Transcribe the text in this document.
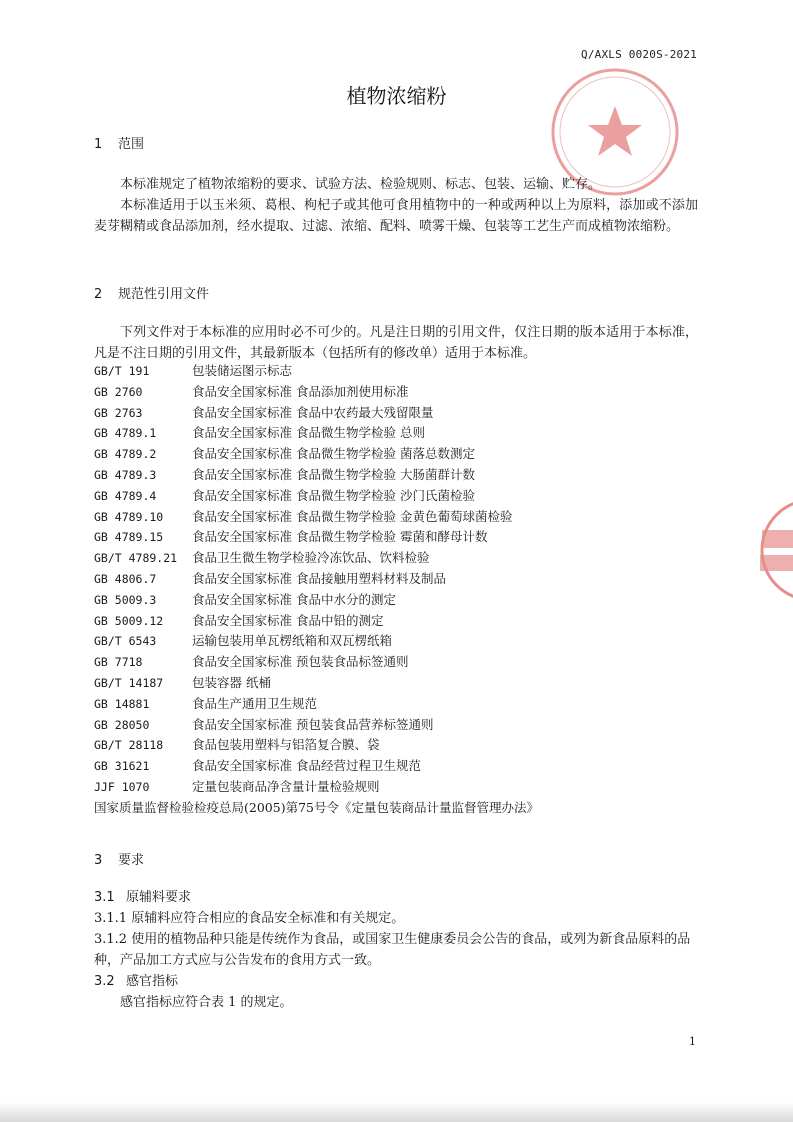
Q/AXLS 0020S-2021
植物浓缩粉
1 范围
本标准规定了植物浓缩粉的要求、试验方法、检验规则、标志、包装、运输、贮存。
本标准适用于以玉米须、葛根、枸杞子或其他可食用植物中的一种或两种以上为原料，添加或不添加麦芽糊精或食品添加剂，经水提取、过滤、浓缩、配料、喷雾干燥、包装等工艺生产而成植物浓缩粉。
2 规范性引用文件
下列文件对于本标准的应用时必不可少的。凡是注日期的引用文件，仅注日期的版本适用于本标准，凡是不注日期的引用文件，其最新版本（包括所有的修改单）适用于本标准。
GB/T 191	包装储运图示标志
GB 2760	食品安全国家标准 食品添加剂使用标准
GB 2763	食品安全国家标准 食品中农药最大残留限量
GB 4789.1	食品安全国家标准 食品微生物学检验 总则
GB 4789.2	食品安全国家标准 食品微生物学检验 菌落总数测定
GB 4789.3	食品安全国家标准 食品微生物学检验 大肠菌群计数
GB 4789.4	食品安全国家标准 食品微生物学检验 沙门氏菌检验
GB 4789.10 食品安全国家标准 食品微生物学检验 金黄色葡萄球菌检验
GB 4789.15 食品安全国家标准 食品微生物学检验 霉菌和酵母计数
GB/T 4789.21 食品卫生微生物学检验冷冻饮品、饮料检验
GB 4806.7	食品安全国家标准 食品接触用塑料材料及制品
GB 5009.3	食品安全国家标准 食品中水分的测定
GB 5009.12 食品安全国家标准 食品中铅的测定
GB/T 6543	运输包装用单瓦楞纸箱和双瓦楞纸箱
GB 7718	食品安全国家标准 预包装食品标签通则
GB/T 14187 包装容器 纸桶
GB 14881	食品生产通用卫生规范
GB 28050	食品安全国家标准 预包装食品营养标签通则
GB/T 28118 食品包装用塑料与铝箔复合膜、袋
GB 31621	食品安全国家标准 食品经营过程卫生规范
JJF 1070	定量包装商品净含量计量检验规则
国家质量监督检验检疫总局(2005)第75号令《定量包装商品计量监督管理办法》
3 要求
3.1 原辅料要求
3.1.1 原辅料应符合相应的食品安全标准和有关规定。
3.1.2 使用的植物品种只能是传统作为食品，或国家卫生健康委员会公告的食品，或列为新食品原料的品种，产品加工方式应与公告发布的食用方式一致。
3.2 感官指标
感官指标应符合表 1 的规定。
1
